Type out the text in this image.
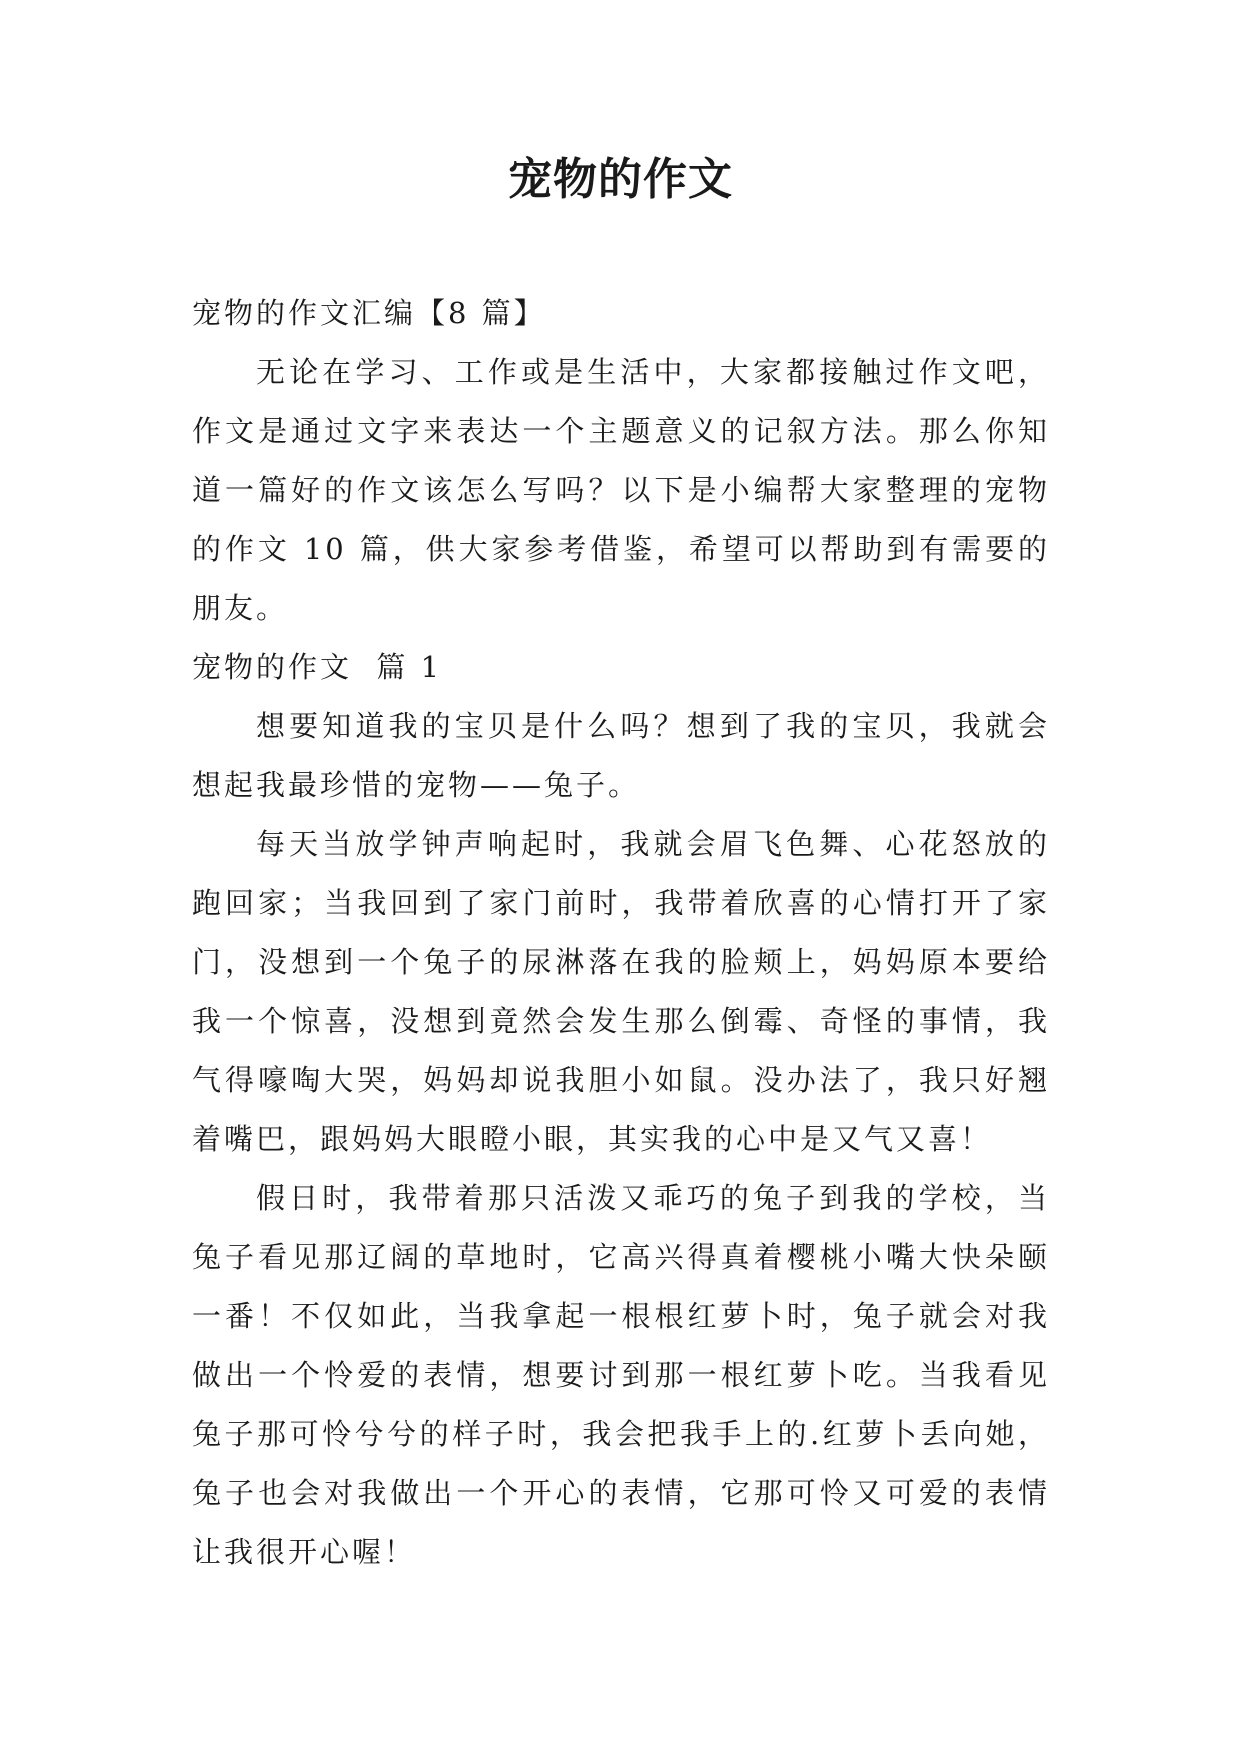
宠物的作文

宠物的作文汇编【8 篇】

无论在学习、工作或是生活中，大家都接触过作文吧，作文是通过文字来表达一个主题意义的记叙方法。那么你知道一篇好的作文该怎么写吗？以下是小编帮大家整理的宠物的作文 10 篇，供大家参考借鉴，希望可以帮助到有需要的朋友。

宠物的作文  篇 1

想要知道我的宝贝是什么吗？想到了我的宝贝，我就会想起我最珍惜的宠物——兔子。

每天当放学钟声响起时，我就会眉飞色舞、心花怒放的跑回家；当我回到了家门前时，我带着欣喜的心情打开了家门，没想到一个兔子的尿淋落在我的脸颊上，妈妈原本要给我一个惊喜，没想到竟然会发生那么倒霉、奇怪的事情，我气得嚎啕大哭，妈妈却说我胆小如鼠。没办法了，我只好翘着嘴巴，跟妈妈大眼瞪小眼，其实我的心中是又气又喜！

假日时，我带着那只活泼又乖巧的兔子到我的学校，当兔子看见那辽阔的草地时，它高兴得真着樱桃小嘴大快朵颐一番！不仅如此，当我拿起一根根红萝卜时，兔子就会对我做出一个怜爱的表情，想要讨到那一根红萝卜吃。当我看见兔子那可怜兮兮的样子时，我会把我手上的.红萝卜丢向她，兔子也会对我做出一个开心的表情，它那可怜又可爱的表情让我很开心喔！
